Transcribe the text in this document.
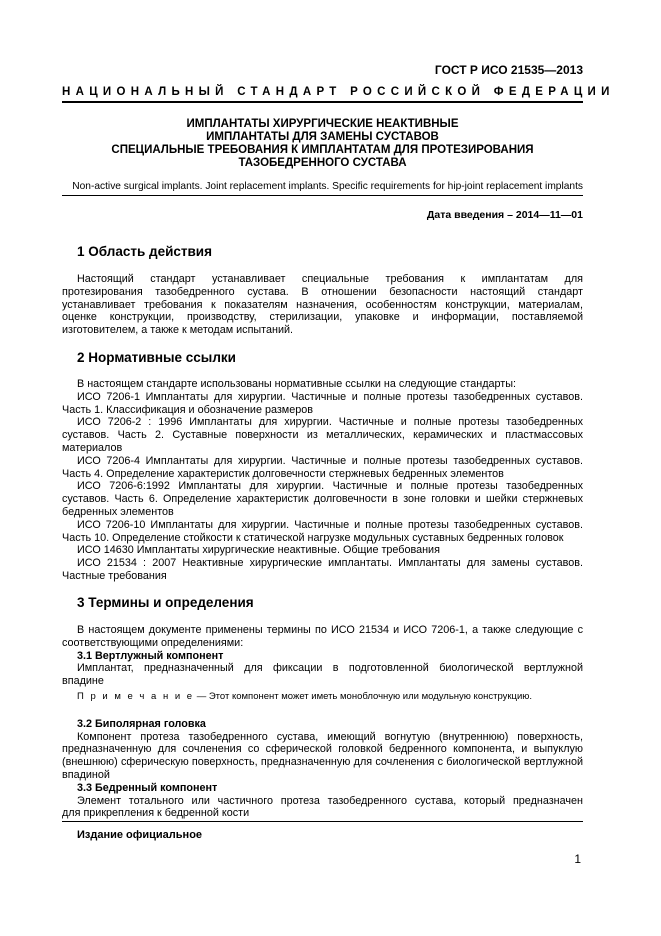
ГОСТ Р ИСО 21535—2013
НАЦИОНАЛЬНЫЙ СТАНДАРТ РОССИЙСКОЙ ФЕДЕРАЦИИ
ИМПЛАНТАТЫ ХИРУРГИЧЕСКИЕ НЕАКТИВНЫЕ
ИМПЛАНТАТЫ ДЛЯ ЗАМЕНЫ СУСТАВОВ
СПЕЦИАЛЬНЫЕ ТРЕБОВАНИЯ К ИМПЛАНТАТАМ ДЛЯ ПРОТЕЗИРОВАНИЯ
ТАЗОБЕДРЕННОГО СУСТАВА
Non-active surgical implants. Joint replacement implants. Specific requirements for hip-joint replacement implants
Дата введения – 2014—11—01
1 Область действия
Настоящий стандарт устанавливает специальные требования к имплантатам для
протезирования тазобедренного сустава. В отношении безопасности настоящий стандарт
устанавливает требования к показателям назначения, особенностям конструкции, материалам,
оценке конструкции, производству, стерилизации, упаковке и информации, поставляемой
изготовителем, а также к методам испытаний.
2 Нормативные ссылки
В настоящем стандарте использованы нормативные ссылки на следующие стандарты:
ИСО 7206-1 Имплантаты для хирургии. Частичные и полные протезы тазобедренных суставов.
Часть 1. Классификация и обозначение размеров
ИСО 7206-2 : 1996 Имплантаты для хирургии. Частичные и полные протезы тазобедренных
суставов. Часть 2. Суставные поверхности из металлических, керамических и пластмассовых
материалов
ИСО 7206-4 Имплантаты для хирургии. Частичные и полные протезы тазобедренных суставов.
Часть 4. Определение характеристик долговечности стержневых бедренных элементов
ИСО 7206-6:1992 Имплантаты для хирургии. Частичные и полные протезы тазобедренных
суставов. Часть 6. Определение характеристик долговечности в зоне головки и шейки стержневых
бедренных элементов
ИСО 7206-10 Имплантаты для хирургии. Частичные и полные протезы тазобедренных суставов.
Часть 10. Определение стойкости к статической нагрузке модульных суставных бедренных головок
ИСО 14630 Имплантаты хирургические неактивные. Общие требования
ИСО 21534 : 2007 Неактивные хирургические имплантаты. Имплантаты для замены суставов.
Частные требования
3 Термины и определения
В настоящем документе применены термины по ИСО 21534 и ИСО 7206-1, а также следующие с
соответствующими определениями:
3.1 Вертлужный компонент
Имплантат, предназначенный для фиксации в подготовленной биологической вертлужной
впадине
П р и м е ч а н и е — Этот компонент может иметь моноблочную или модульную конструкцию.
3.2 Биполярная головка
Компонент протеза тазобедренного сустава, имеющий вогнутую (внутреннюю) поверхность,
предназначенную для сочленения со сферической головкой бедренного компонента, и выпуклую
(внешнюю) сферическую поверхность, предназначенную для сочленения с биологической вертлужной
впадиной
3.3 Бедренный компонент
Элемент тотального или частичного протеза тазобедренного сустава, который предназначен
для прикрепления к бедренной кости
Издание официальное
1
